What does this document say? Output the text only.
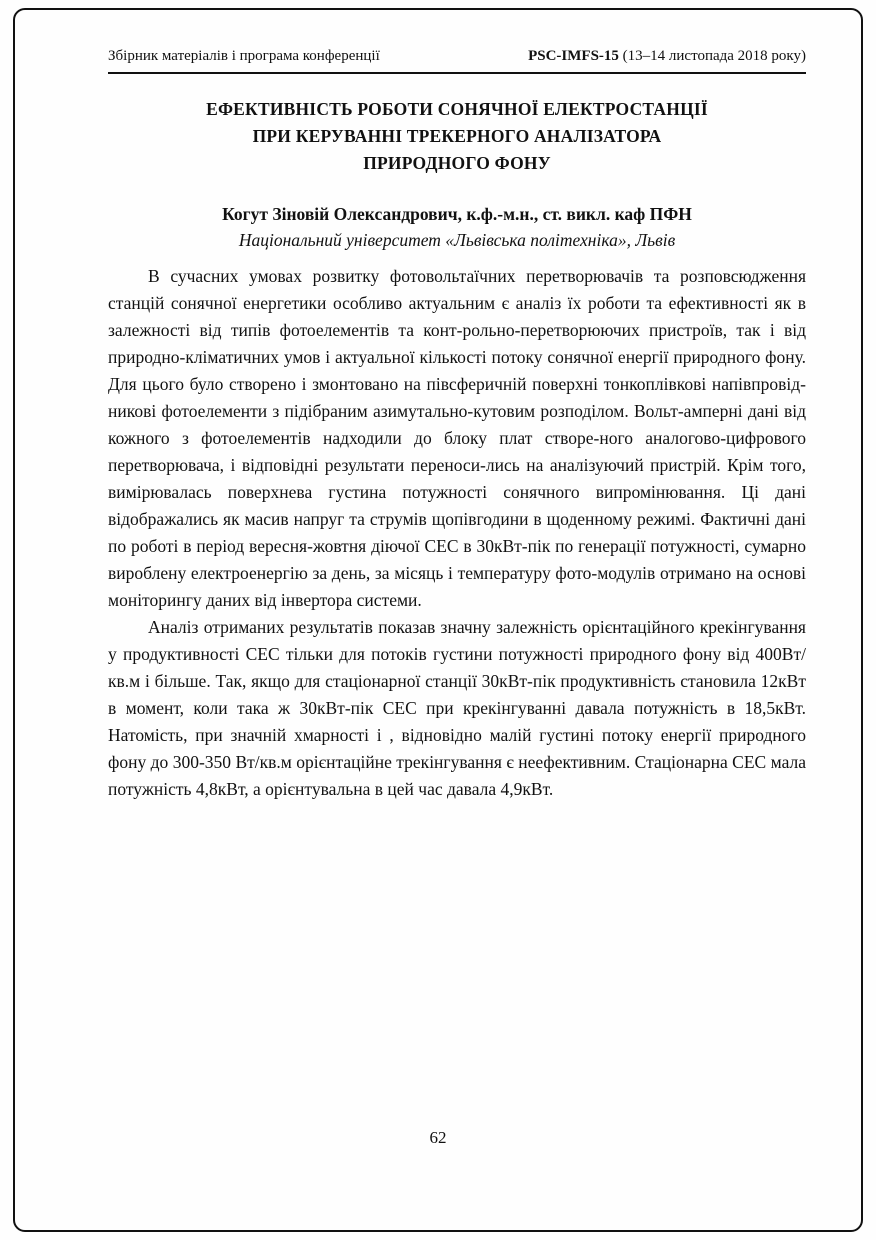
Збірник матеріалів і програма конференції	PSC-IMFS-15 (13–14 листопада 2018 року)
ЕФЕКТИВНІСТЬ РОБОТИ СОНЯЧНОЇ ЕЛЕКТРОСТАНЦІЇ
ПРИ КЕРУВАННІ ТРЕКЕРНОГО АНАЛІЗАТОРА
ПРИРОДНОГО ФОНУ
Когут Зіновій Олександрович, к.ф.-м.н., ст. викл. каф ПФН
Національний університет «Львівська політехніка», Львів

В сучасних умовах розвитку фотовольтаїчних перетворювачів та розповсюдження станцій сонячної енергетики особливо актуальним є аналіз їх роботи та ефективності як в залежності від типів фотоелементів та конт-рольно-перетворюючих пристроїв, так і від природно-кліматичних умов і актуальної кількості потоку сонячної енергії природного фону. Для цього було створено і змонтовано на півсферичній поверхні тонкоплівкові напівпровід-никові фотоелементи з підібраним азимутально-кутовим розподілом. Вольт-амперні дані від кожного з фотоелементів надходили до блоку плат створе-ного аналогово-цифрового перетворювача, і відповідні результати переноси-лись на аналізуючий пристрій. Крім того, вимірювалась поверхнева густина потужності сонячного випромінювання. Ці дані відображались як масив напруг та струмів щопівгодини в щоденному режимі. Фактичні дані по роботі в період вересня-жовтня діючої СЕС в 30кВт-пік по генерації потужності, сумарно вироблену електроенергію за день, за місяць і температуру фото-модулів отримано на основі моніторингу даних від інвертора системи.

Аналіз отриманих результатів показав значну залежність орієнтаційного крекінгування у продуктивності СЕС тільки для потоків густини потужності природного фону від 400Вт/кв.м і більше. Так, якщо для стаціонарної станції 30кВт-пік продуктивність становила 12кВт в момент, коли така ж 30кВт-пік СЕС при крекінгуванні давала потужність в 18,5кВт. Натомість, при значній хмарності і , відновідно малій густині потоку енергії природного фону до 300-350 Вт/кв.м орієнтаційне трекінгування є неефективним. Стаціонарна СЕС мала потужність 4,8кВт, а орієнтувальна в цей час давала 4,9кВт.

62
